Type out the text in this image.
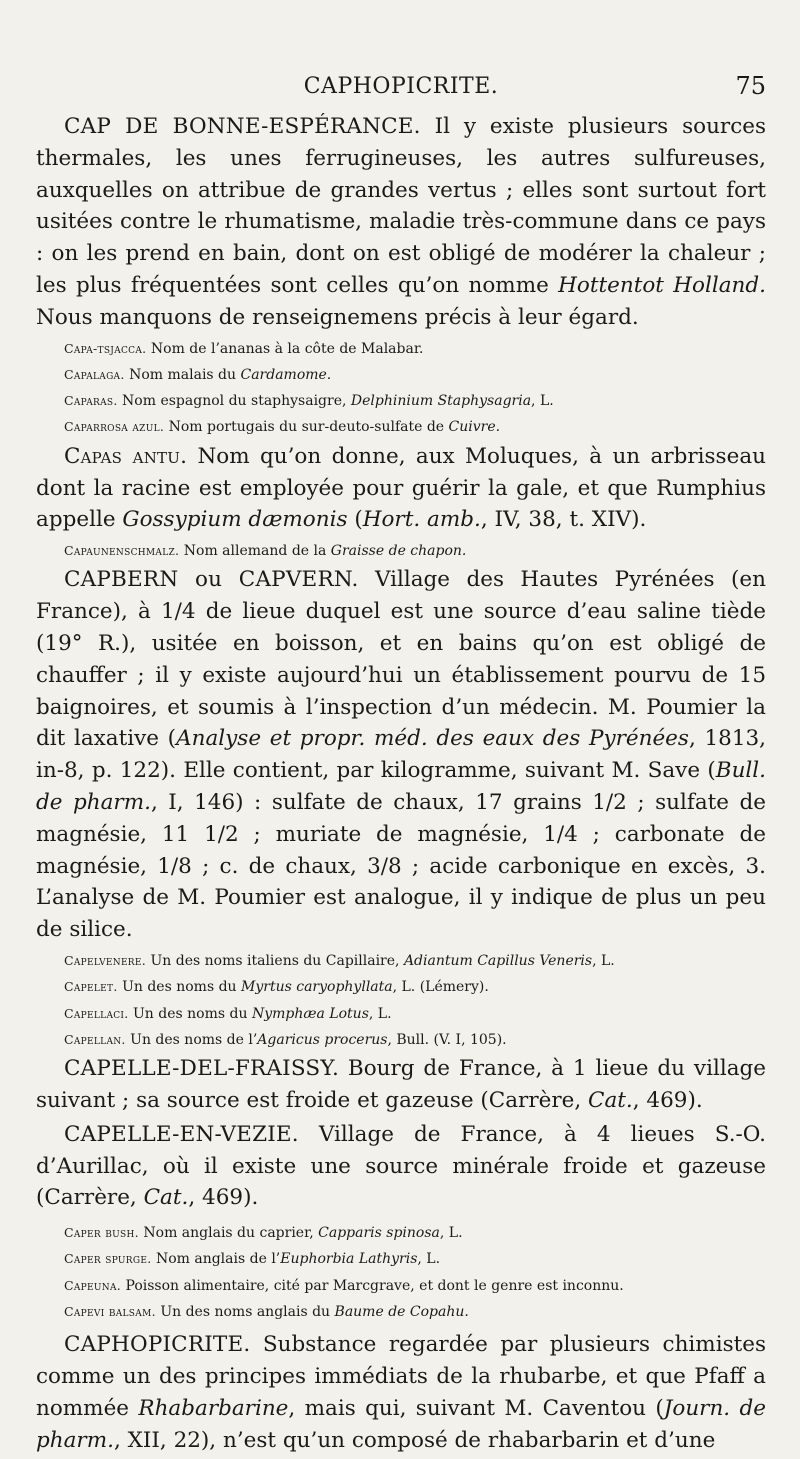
CAPHOPICRITE.	75

CAP DE BONNE-ESPÉRANCE. Il y existe plusieurs sources thermales, les unes ferrugineuses, les autres sulfureuses, auxquelles on attribue de grandes vertus ; elles sont surtout fort usitées contre le rhumatisme, maladie très-commune dans ce pays : on les prend en bain, dont on est obligé de modérer la chaleur ; les plus fréquentées sont celles qu’on nomme Hottentot Holland. Nous manquons de renseignemens précis à leur égard.

Capa-tsjacca. Nom de l’ananas à la côte de Malabar.

Capalaga. Nom malais du Cardamome.

Caparas. Nom espagnol du staphysaigre, Delphinium Staphysagria, L.

Caparrosa azul. Nom portugais du sur-deuto-sulfate de Cuivre.

Capas antu. Nom qu’on donne, aux Moluques, à un arbrisseau dont la racine est employée pour guérir la gale, et que Rumphius appelle Gossypium dæmonis (Hort. amb., IV, 38, t. XIV).

Capaunenschmalz. Nom allemand de la Graisse de chapon.

CAPBERN ou CAPVERN. Village des Hautes Pyrénées (en France), à 1/4 de lieue duquel est une source d’eau saline tiède (19° R.), usitée en boisson, et en bains qu’on est obligé de chauffer ; il y existe aujourd’hui un établissement pourvu de 15 baignoires, et soumis à l’inspection d’un médecin. M. Poumier la dit laxative (Analyse et propr. méd. des eaux des Pyrénées, 1813, in-8, p. 122). Elle contient, par kilogramme, suivant M. Save (Bull. de pharm., I, 146) : sulfate de chaux, 17 grains 1/2 ; sulfate de magnésie, 11 1/2 ; muriate de magnésie, 1/4 ; carbonate de magnésie, 1/8 ; c. de chaux, 3/8 ; acide carbonique en excès, 3. L’analyse de M. Poumier est analogue, il y indique de plus un peu de silice.

Capelvenere. Un des noms italiens du Capillaire, Adiantum Capillus Veneris, L.

Capelet. Un des noms du Myrtus caryophyllata, L. (Lémery).

Capellaci. Un des noms du Nymphæa Lotus, L.

Capellan. Un des noms de l’Agaricus procerus, Bull. (V. I, 105).

CAPELLE-DEL-FRAISSY. Bourg de France, à 1 lieue du village suivant ; sa source est froide et gazeuse (Carrère, Cat., 469).

CAPELLE-EN-VEZIE. Village de France, à 4 lieues S.-O. d’Aurillac, où il existe une source minérale froide et gazeuse (Carrère, Cat., 469).

Caper bush. Nom anglais du caprier, Capparis spinosa, L.

Caper spurge. Nom anglais de l’Euphorbia Lathyris, L.

Capeuna. Poisson alimentaire, cité par Marcgrave, et dont le genre est inconnu.

Capevi balsam. Un des noms anglais du Baume de Copahu.

CAPHOPICRITE. Substance regardée par plusieurs chimistes comme un des principes immédiats de la rhubarbe, et que Pfaff a nommée Rhabarbarine, mais qui, suivant M. Caventou (Journ. de pharm., XII, 22), n’est qu’un composé de rhabarbarin et d’une
